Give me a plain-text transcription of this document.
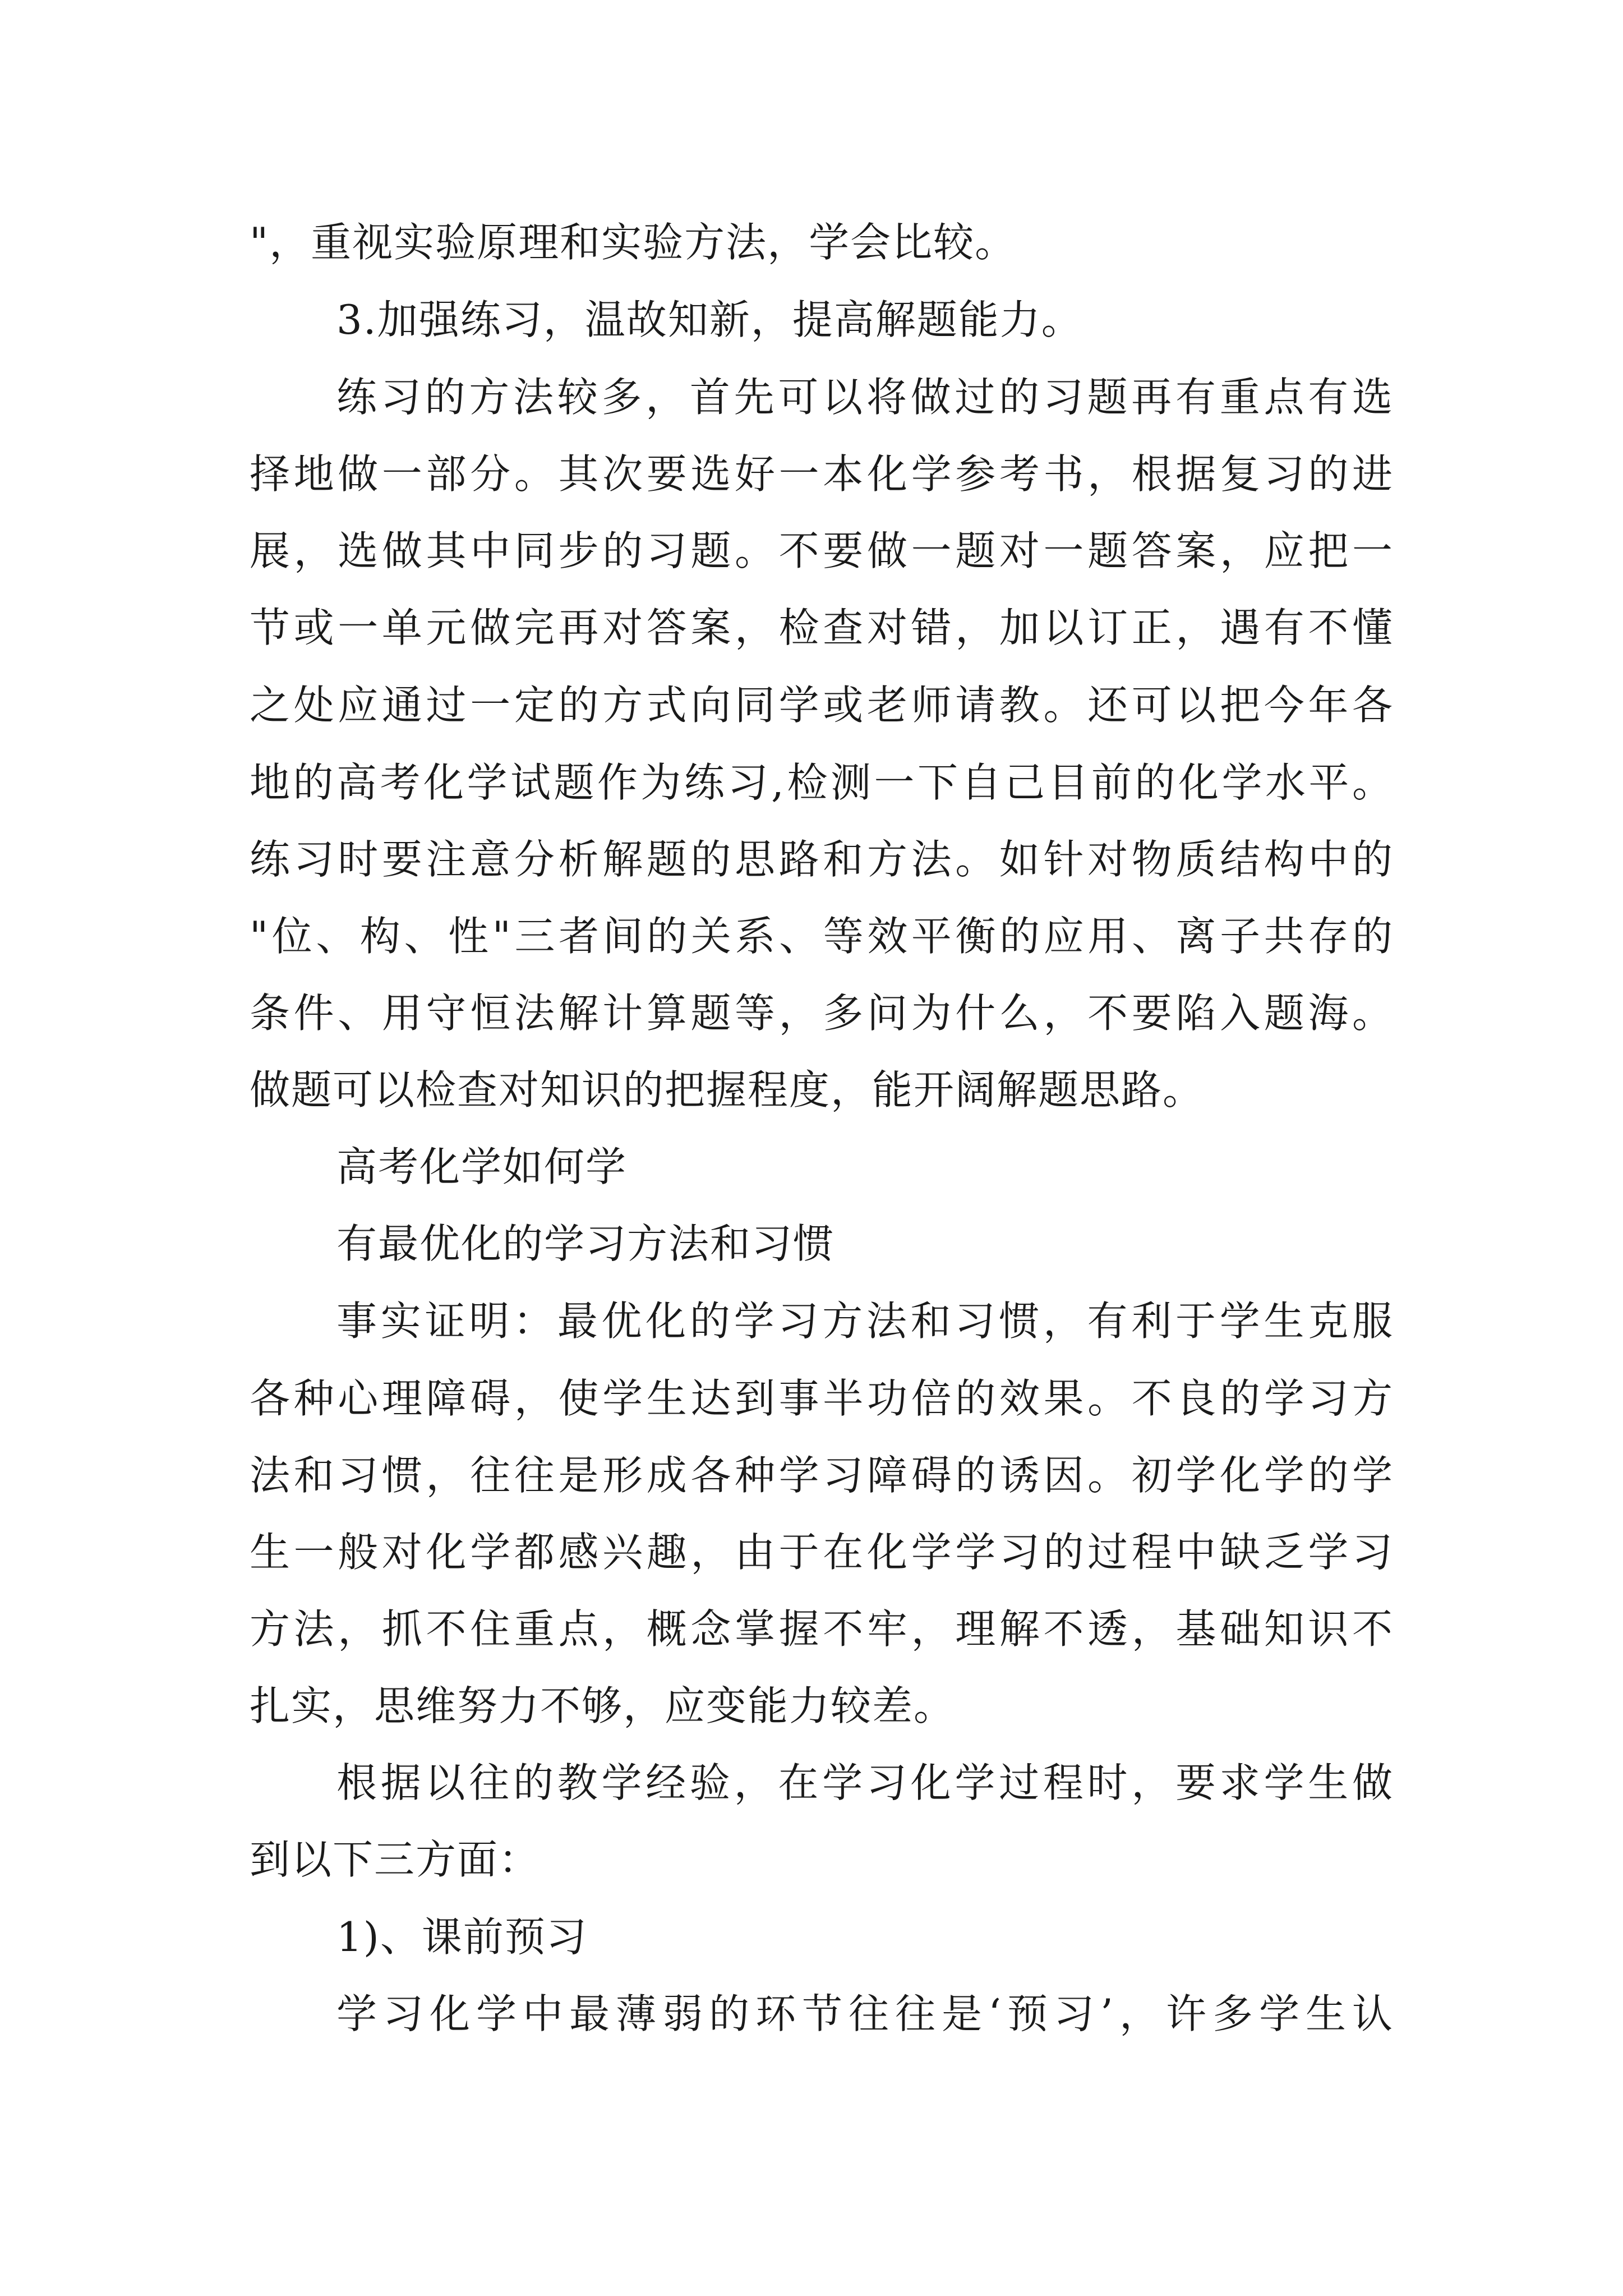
"，重视实验原理和实验方法，学会比较。
3.加强练习，温故知新，提高解题能力。
练习的方法较多，首先可以将做过的习题再有重点有选
择地做一部分。其次要选好一本化学参考书，根据复习的进
展，选做其中同步的习题。不要做一题对一题答案，应把一
节或一单元做完再对答案，检查对错，加以订正，遇有不懂
之处应通过一定的方式向同学或老师请教。还可以把今年各
地的高考化学试题作为练习,检测一下自己目前的化学水平。
练习时要注意分析解题的思路和方法。如针对物质结构中的
"位、构、性"三者间的关系、等效平衡的应用、离子共存的
条件、用守恒法解计算题等，多问为什么，不要陷入题海。
做题可以检查对知识的把握程度，能开阔解题思路。
高考化学如何学
有最优化的学习方法和习惯
事实证明：最优化的学习方法和习惯，有利于学生克服
各种心理障碍，使学生达到事半功倍的效果。不良的学习方
法和习惯，往往是形成各种学习障碍的诱因。初学化学的学
生一般对化学都感兴趣，由于在化学学习的过程中缺乏学习
方法，抓不住重点，概念掌握不牢，理解不透，基础知识不
扎实，思维努力不够，应变能力较差。
根据以往的教学经验，在学习化学过程时，要求学生做
到以下三方面：
1)、课前预习
学习化学中最薄弱的环节往往是‘预习’，许多学生认
